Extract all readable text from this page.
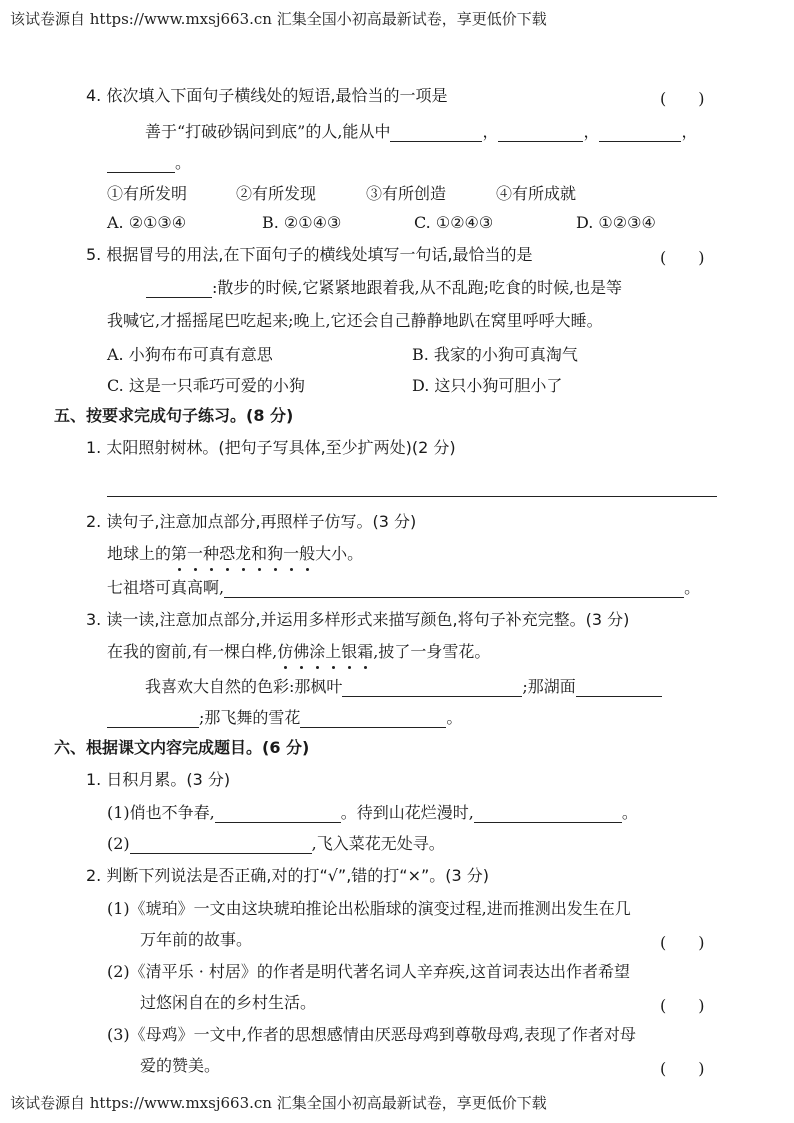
该试卷源自 https://www.mxsj663.cn 汇集全国小初高最新试卷，享更低价下载
4. 依次填入下面句子横线处的短语,最恰当的一项是	(　　)
善于“打破砂锅问到底”的人,能从中	，	，	，
。
①有所发明	②有所发现	③有所创造	④有所成就
A. ②①③④	B. ②①④③	C. ①②④③	D. ①②③④
5. 根据冒号的用法,在下面句子的横线处填写一句话,最恰当的是	(　　)
:散步的时候,它紧紧地跟着我,从不乱跑;吃食的时候,也是等
我喊它,才摇摇尾巴吃起来;晚上,它还会自己静静地趴在窝里呼呼大睡。
A. 小狗布布可真有意思	B. 我家的小狗可真淘气
C. 这是一只乖巧可爱的小狗	D. 这只小狗可胆小了
五、按要求完成句子练习。(8 分)
1. 太阳照射树林。(把句子写具体,至少扩两处)(2 分)
2. 读句子,注意加点部分,再照样子仿写。(3 分)
地球上的第一种恐龙和狗一般大小。
七祖塔可真高啊,	。
3. 读一读,注意加点部分,并运用多样形式来描写颜色,将句子补充完整。(3 分)
在我的窗前,有一棵白桦,仿佛涂上银霜,披了一身雪花。
我喜欢大自然的色彩:那枫叶	;那湖面
;那飞舞的雪花	。
六、根据课文内容完成题目。(6 分)
1. 日积月累。(3 分)
(1)俏也不争春,	。待到山花烂漫时,	。
(2)	,飞入菜花无处寻。
2. 判断下列说法是否正确,对的打“√”,错的打“×”。(3 分)
(1)《琥珀》一文由这块琥珀推论出松脂球的演变过程,进而推测出发生在几
万年前的故事。	(　　)
(2)《清平乐 · 村居》的作者是明代著名词人辛弃疾,这首词表达出作者希望
过悠闲自在的乡村生活。	(　　)
(3)《母鸡》一文中,作者的思想感情由厌恶母鸡到尊敬母鸡,表现了作者对母
爱的赞美。	(　　)
该试卷源自 https://www.mxsj663.cn 汇集全国小初高最新试卷，享更低价下载
